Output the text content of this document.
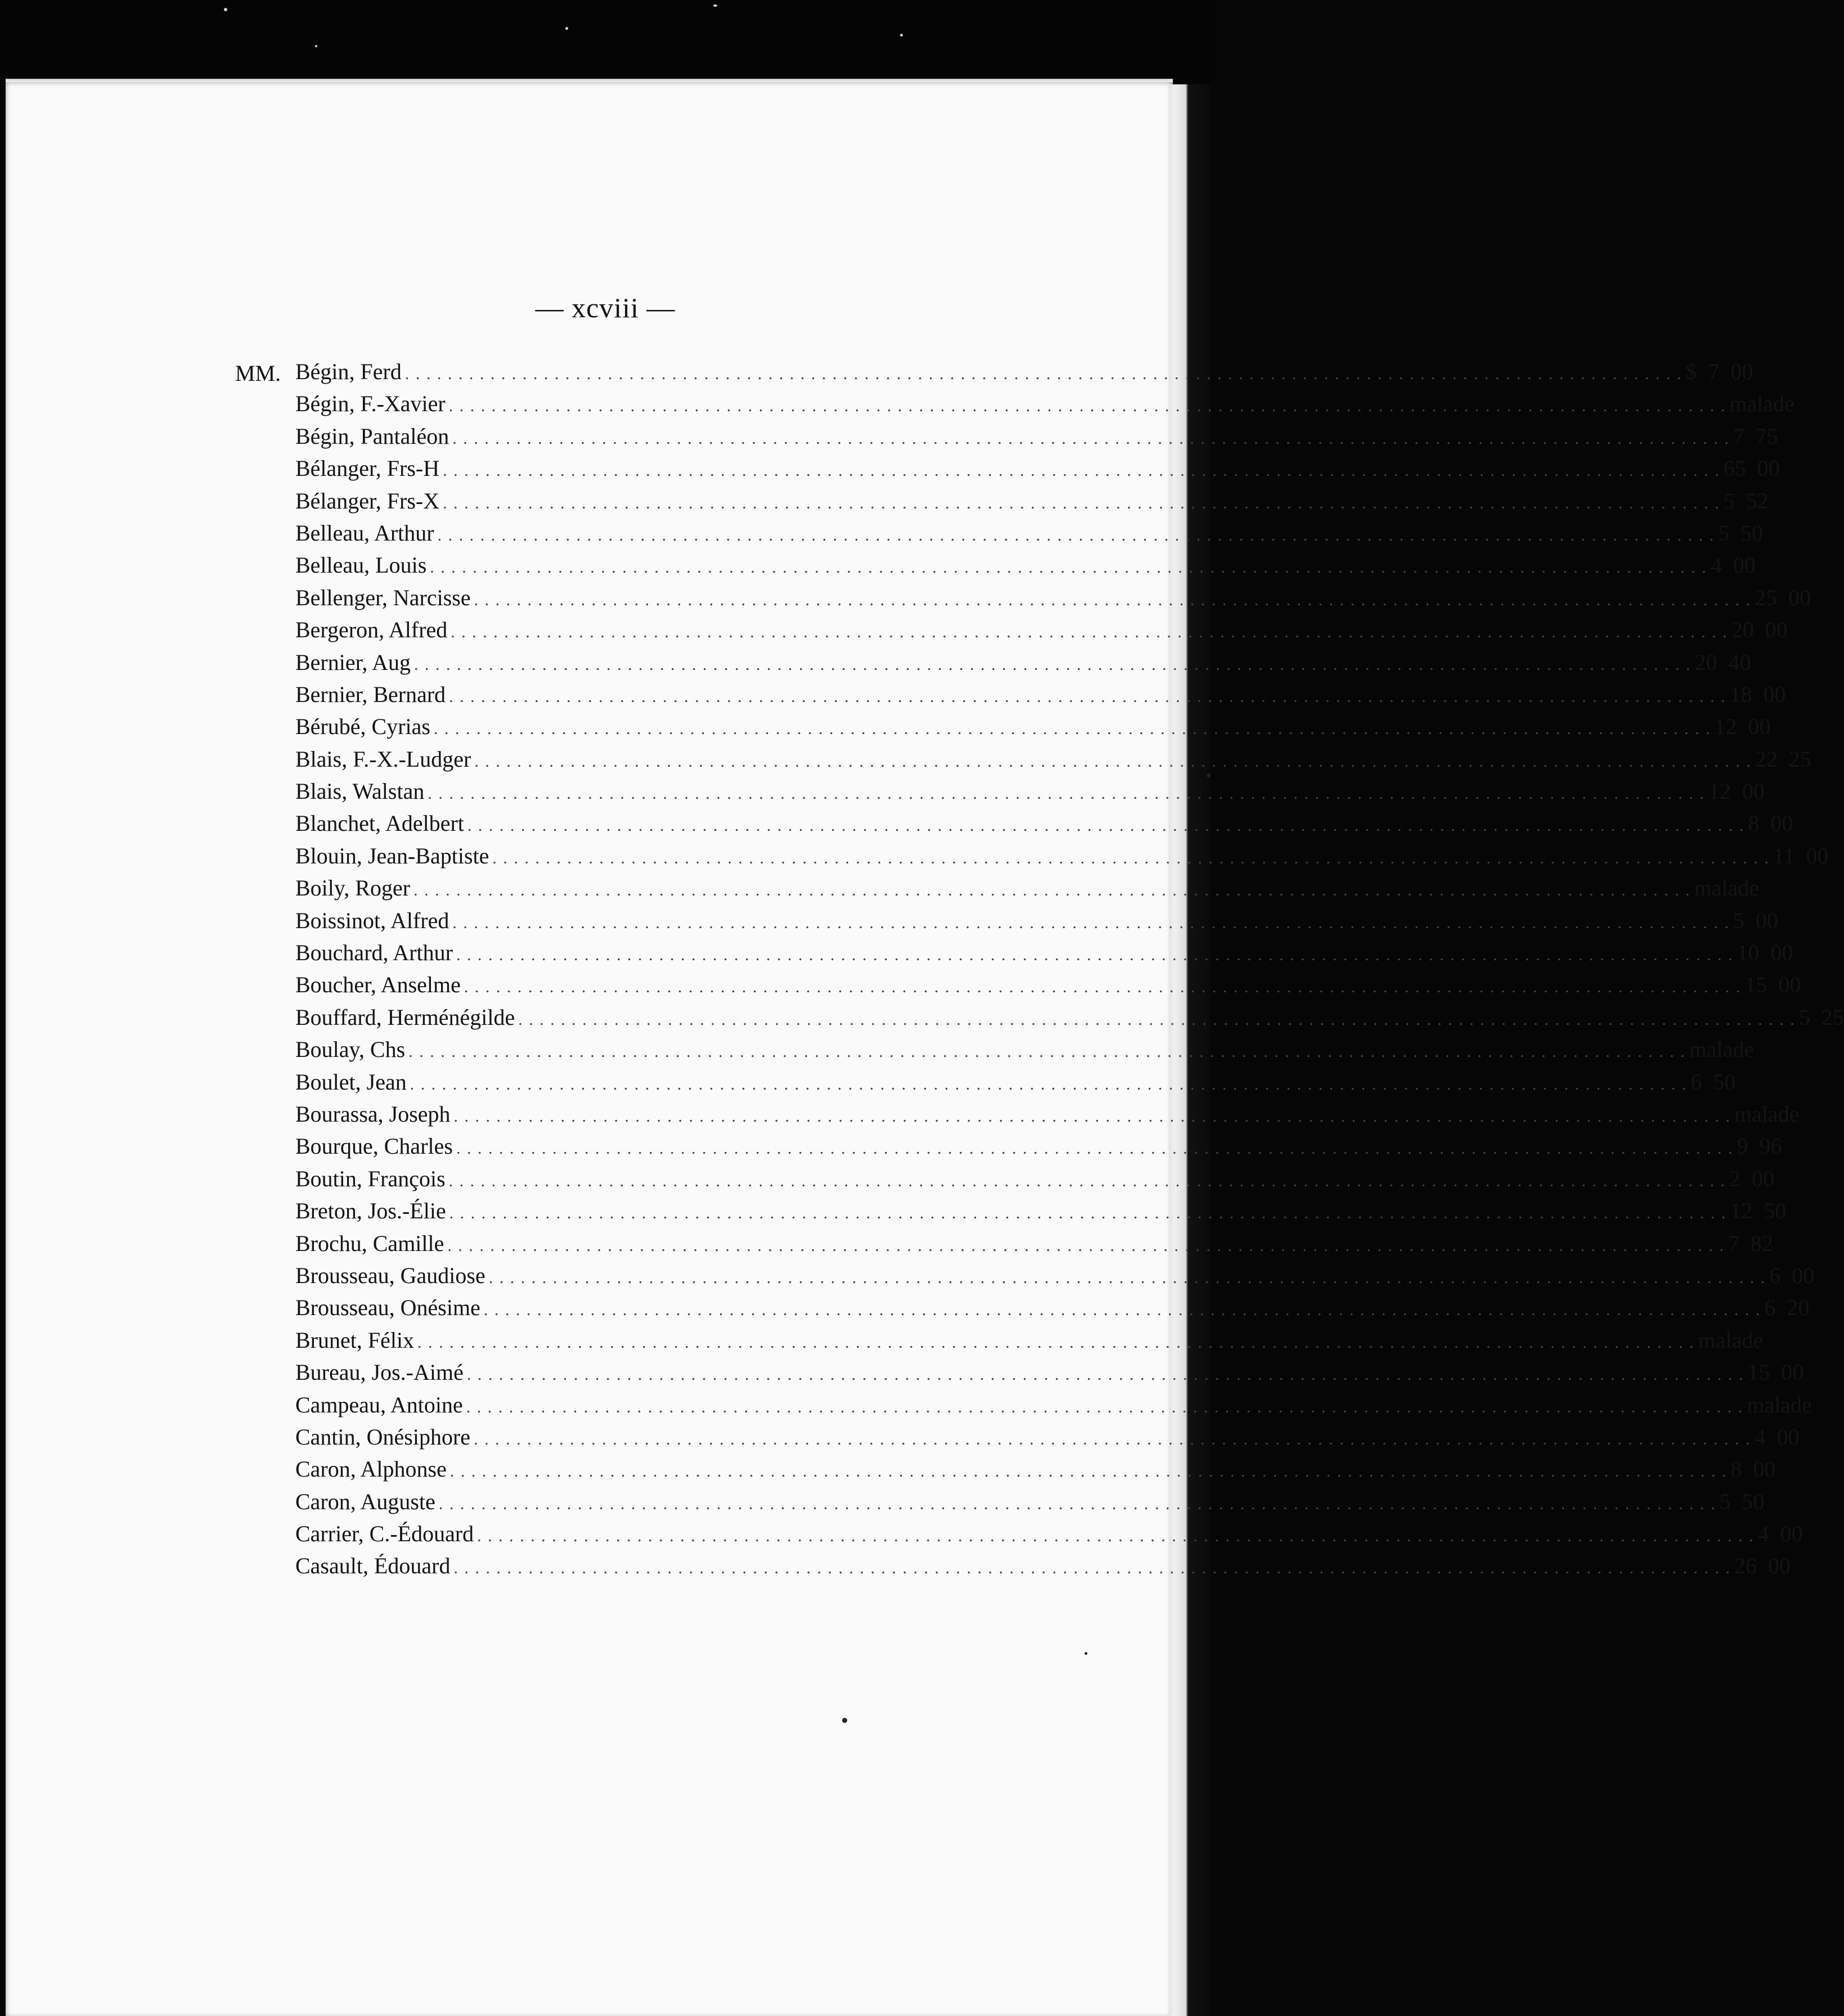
— xcviii —
MM. Bégin, Ferd . . . . . . . . . . . . . . . . . . . . . . . . . . . . . . . . . . . . . . . . . . . . . . . . . . . . . . . . . . . . . . . . . . . . . . . . . . . . . . . . . . . . . . . . . . . . . . . . . . . . . . . . . . . . . . . . . . . . . . . . $ 7 00
Bégin, F.-Xavier . . . . . . . . . . . . . . . . . . . . . . . . . . . . . . . . . . . . . . . . . . . . . . . . . . . . . . . . . . . . . . . . . . . . . . . . . . . . . . . . . . . . . . . . . . . . . . . . . . . . . . . . . . . . . . . . . . . . . . . . malade
Bégin, Pantaléon . . . . . . . . . . . . . . . . . . . . . . . . . . . . . . . . . . . . . . . . . . . . . . . . . . . . . . . . . . . . . . . . . . . . . . . . . . . . . . . . . . . . . . . . . . . . . . . . . . . . . . . . . . . . . . . . . . . . . . . . 7 75
Bélanger, Frs-H . . . . . . . . . . . . . . . . . . . . . . . . . . . . . . . . . . . . . . . . . . . . . . . . . . . . . . . . . . . . . . . . . . . . . . . . . . . . . . . . . . . . . . . . . . . . . . . . . . . . . . . . . . . . . . . . . . . . . . . . 65 00
Bélanger, Frs-X . . . . . . . . . . . . . . . . . . . . . . . . . . . . . . . . . . . . . . . . . . . . . . . . . . . . . . . . . . . . . . . . . . . . . . . . . . . . . . . . . . . . . . . . . . . . . . . . . . . . . . . . . . . . . . . . . . . . . . . . 5 52
Belleau, Arthur . . . . . . . . . . . . . . . . . . . . . . . . . . . . . . . . . . . . . . . . . . . . . . . . . . . . . . . . . . . . . . . . . . . . . . . . . . . . . . . . . . . . . . . . . . . . . . . . . . . . . . . . . . . . . . . . . . . . . . . . 5 50
Belleau, Louis . . . . . . . . . . . . . . . . . . . . . . . . . . . . . . . . . . . . . . . . . . . . . . . . . . . . . . . . . . . . . . . . . . . . . . . . . . . . . . . . . . . . . . . . . . . . . . . . . . . . . . . . . . . . . . . . . . . . . . . . 4 00
Bellenger, Narcisse . . . . . . . . . . . . . . . . . . . . . . . . . . . . . . . . . . . . . . . . . . . . . . . . . . . . . . . . . . . . . . . . . . . . . . . . . . . . . . . . . . . . . . . . . . . . . . . . . . . . . . . . . . . . . . . . . . . . . . . . 25 00
Bergeron, Alfred . . . . . . . . . . . . . . . . . . . . . . . . . . . . . . . . . . . . . . . . . . . . . . . . . . . . . . . . . . . . . . . . . . . . . . . . . . . . . . . . . . . . . . . . . . . . . . . . . . . . . . . . . . . . . . . . . . . . . . . . 20 00
Bernier, Aug . . . . . . . . . . . . . . . . . . . . . . . . . . . . . . . . . . . . . . . . . . . . . . . . . . . . . . . . . . . . . . . . . . . . . . . . . . . . . . . . . . . . . . . . . . . . . . . . . . . . . . . . . . . . . . . . . . . . . . . . 20 40
Bernier, Bernard . . . . . . . . . . . . . . . . . . . . . . . . . . . . . . . . . . . . . . . . . . . . . . . . . . . . . . . . . . . . . . . . . . . . . . . . . . . . . . . . . . . . . . . . . . . . . . . . . . . . . . . . . . . . . . . . . . . . . . . . 18 00
Bérubé, Cyrias . . . . . . . . . . . . . . . . . . . . . . . . . . . . . . . . . . . . . . . . . . . . . . . . . . . . . . . . . . . . . . . . . . . . . . . . . . . . . . . . . . . . . . . . . . . . . . . . . . . . . . . . . . . . . . . . . . . . . . . . 12 00
Blais, F.-X.-Ludger . . . . . . . . . . . . . . . . . . . . . . . . . . . . . . . . . . . . . . . . . . . . . . . . . . . . . . . . . . . . . . . . . . . . . . . . . . . . . . . . . . . . . . . . . . . . . . . . . . . . . . . . . . . . . . . . . . . . . . . . 22 25
Blais, Walstan . . . . . . . . . . . . . . . . . . . . . . . . . . . . . . . . . . . . . . . . . . . . . . . . . . . . . . . . . . . . . . . . . . . . . . . . . . . . . . . . . . . . . . . . . . . . . . . . . . . . . . . . . . . . . . . . . . . . . . . . 12 00
Blanchet, Adelbert . . . . . . . . . . . . . . . . . . . . . . . . . . . . . . . . . . . . . . . . . . . . . . . . . . . . . . . . . . . . . . . . . . . . . . . . . . . . . . . . . . . . . . . . . . . . . . . . . . . . . . . . . . . . . . . . . . . . . . . . 8 00
Blouin, Jean-Baptiste . . . . . . . . . . . . . . . . . . . . . . . . . . . . . . . . . . . . . . . . . . . . . . . . . . . . . . . . . . . . . . . . . . . . . . . . . . . . . . . . . . . . . . . . . . . . . . . . . . . . . . . . . . . . . . . . . . . . . . . . 11 00
Boily, Roger . . . . . . . . . . . . . . . . . . . . . . . . . . . . . . . . . . . . . . . . . . . . . . . . . . . . . . . . . . . . . . . . . . . . . . . . . . . . . . . . . . . . . . . . . . . . . . . . . . . . . . . . . . . . . . . . . . . . . . . . malade
Boissinot, Alfred . . . . . . . . . . . . . . . . . . . . . . . . . . . . . . . . . . . . . . . . . . . . . . . . . . . . . . . . . . . . . . . . . . . . . . . . . . . . . . . . . . . . . . . . . . . . . . . . . . . . . . . . . . . . . . . . . . . . . . . . 5 00
Bouchard, Arthur . . . . . . . . . . . . . . . . . . . . . . . . . . . . . . . . . . . . . . . . . . . . . . . . . . . . . . . . . . . . . . . . . . . . . . . . . . . . . . . . . . . . . . . . . . . . . . . . . . . . . . . . . . . . . . . . . . . . . . . . 10 00
Boucher, Anselme . . . . . . . . . . . . . . . . . . . . . . . . . . . . . . . . . . . . . . . . . . . . . . . . . . . . . . . . . . . . . . . . . . . . . . . . . . . . . . . . . . . . . . . . . . . . . . . . . . . . . . . . . . . . . . . . . . . . . . . . 15 00
Bouffard, Herménégilde . . . . . . . . . . . . . . . . . . . . . . . . . . . . . . . . . . . . . . . . . . . . . . . . . . . . . . . . . . . . . . . . . . . . . . . . . . . . . . . . . . . . . . . . . . . . . . . . . . . . . . . . . . . . . . . . . . . . . . . . 5 25
Boulay, Chs . . . . . . . . . . . . . . . . . . . . . . . . . . . . . . . . . . . . . . . . . . . . . . . . . . . . . . . . . . . . . . . . . . . . . . . . . . . . . . . . . . . . . . . . . . . . . . . . . . . . . . . . . . . . . . . . . . . . . . . . malade
Boulet, Jean . . . . . . . . . . . . . . . . . . . . . . . . . . . . . . . . . . . . . . . . . . . . . . . . . . . . . . . . . . . . . . . . . . . . . . . . . . . . . . . . . . . . . . . . . . . . . . . . . . . . . . . . . . . . . . . . . . . . . . . . 6 50
Bourassa, Joseph . . . . . . . . . . . . . . . . . . . . . . . . . . . . . . . . . . . . . . . . . . . . . . . . . . . . . . . . . . . . . . . . . . . . . . . . . . . . . . . . . . . . . . . . . . . . . . . . . . . . . . . . . . . . . . . . . . . . . . . . malade
Bourque, Charles . . . . . . . . . . . . . . . . . . . . . . . . . . . . . . . . . . . . . . . . . . . . . . . . . . . . . . . . . . . . . . . . . . . . . . . . . . . . . . . . . . . . . . . . . . . . . . . . . . . . . . . . . . . . . . . . . . . . . . . . 9 96
Boutin, François . . . . . . . . . . . . . . . . . . . . . . . . . . . . . . . . . . . . . . . . . . . . . . . . . . . . . . . . . . . . . . . . . . . . . . . . . . . . . . . . . . . . . . . . . . . . . . . . . . . . . . . . . . . . . . . . . . . . . . . . 2 00
Breton, Jos.-Élie . . . . . . . . . . . . . . . . . . . . . . . . . . . . . . . . . . . . . . . . . . . . . . . . . . . . . . . . . . . . . . . . . . . . . . . . . . . . . . . . . . . . . . . . . . . . . . . . . . . . . . . . . . . . . . . . . . . . . . . . 12 50
Brochu, Camille . . . . . . . . . . . . . . . . . . . . . . . . . . . . . . . . . . . . . . . . . . . . . . . . . . . . . . . . . . . . . . . . . . . . . . . . . . . . . . . . . . . . . . . . . . . . . . . . . . . . . . . . . . . . . . . . . . . . . . . . 7 82
Brousseau, Gaudiose . . . . . . . . . . . . . . . . . . . . . . . . . . . . . . . . . . . . . . . . . . . . . . . . . . . . . . . . . . . . . . . . . . . . . . . . . . . . . . . . . . . . . . . . . . . . . . . . . . . . . . . . . . . . . . . . . . . . . . . . 6 00
Brousseau, Onésime . . . . . . . . . . . . . . . . . . . . . . . . . . . . . . . . . . . . . . . . . . . . . . . . . . . . . . . . . . . . . . . . . . . . . . . . . . . . . . . . . . . . . . . . . . . . . . . . . . . . . . . . . . . . . . . . . . . . . . . . 6 20
Brunet, Félix . . . . . . . . . . . . . . . . . . . . . . . . . . . . . . . . . . . . . . . . . . . . . . . . . . . . . . . . . . . . . . . . . . . . . . . . . . . . . . . . . . . . . . . . . . . . . . . . . . . . . . . . . . . . . . . . . . . . . . . . malade
Bureau, Jos.-Aimé . . . . . . . . . . . . . . . . . . . . . . . . . . . . . . . . . . . . . . . . . . . . . . . . . . . . . . . . . . . . . . . . . . . . . . . . . . . . . . . . . . . . . . . . . . . . . . . . . . . . . . . . . . . . . . . . . . . . . . . . 15 00
Campeau, Antoine . . . . . . . . . . . . . . . . . . . . . . . . . . . . . . . . . . . . . . . . . . . . . . . . . . . . . . . . . . . . . . . . . . . . . . . . . . . . . . . . . . . . . . . . . . . . . . . . . . . . . . . . . . . . . . . . . . . . . . . . malade
Cantin, Onésiphore . . . . . . . . . . . . . . . . . . . . . . . . . . . . . . . . . . . . . . . . . . . . . . . . . . . . . . . . . . . . . . . . . . . . . . . . . . . . . . . . . . . . . . . . . . . . . . . . . . . . . . . . . . . . . . . . . . . . . . . . 4 00
Caron, Alphonse . . . . . . . . . . . . . . . . . . . . . . . . . . . . . . . . . . . . . . . . . . . . . . . . . . . . . . . . . . . . . . . . . . . . . . . . . . . . . . . . . . . . . . . . . . . . . . . . . . . . . . . . . . . . . . . . . . . . . . . . 8 00
Caron, Auguste . . . . . . . . . . . . . . . . . . . . . . . . . . . . . . . . . . . . . . . . . . . . . . . . . . . . . . . . . . . . . . . . . . . . . . . . . . . . . . . . . . . . . . . . . . . . . . . . . . . . . . . . . . . . . . . . . . . . . . . . 5 50
Carrier, C.-Édouard . . . . . . . . . . . . . . . . . . . . . . . . . . . . . . . . . . . . . . . . . . . . . . . . . . . . . . . . . . . . . . . . . . . . . . . . . . . . . . . . . . . . . . . . . . . . . . . . . . . . . . . . . . . . . . . . . . . . . . . . 4 00
Casault, Édouard . . . . . . . . . . . . . . . . . . . . . . . . . . . . . . . . . . . . . . . . . . . . . . . . . . . . . . . . . . . . . . . . . . . . . . . . . . . . . . . . . . . . . . . . . . . . . . . . . . . . . . . . . . . . . . . . . . . . . . . . 26 00
